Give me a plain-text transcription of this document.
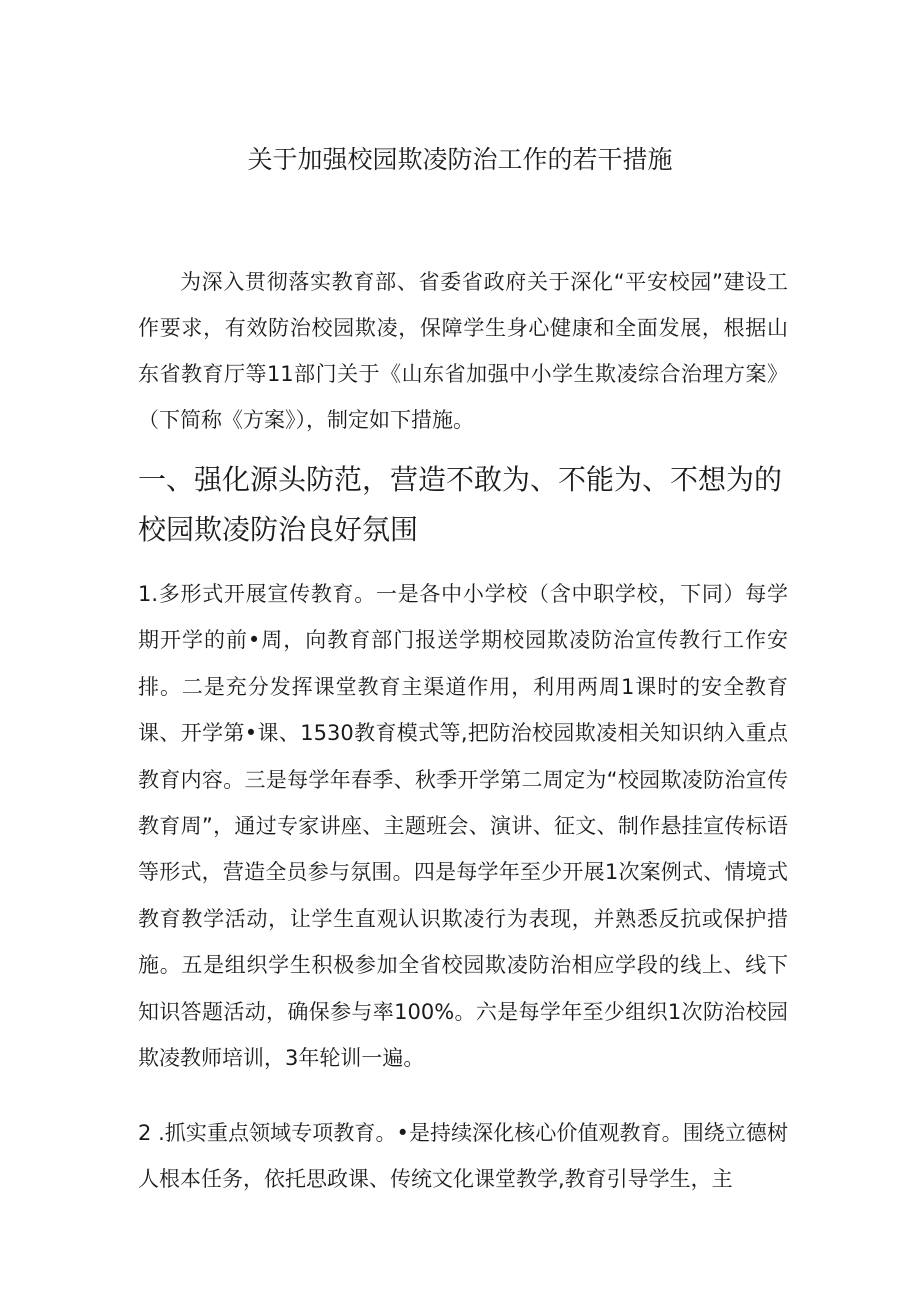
关于加强校园欺凌防治工作的若干措施

为深入贯彻落实教育部、省委省政府关于深化“平安校园”建设工作要求，有效防治校园欺凌，保障学生身心健康和全面发展，根据山东省教育厅等11部门关于《山东省加强中小学生欺凌综合治理方案》（下简称《方案》），制定如下措施。

一、强化源头防范，营造不敢为、不能为、不想为的校园欺凌防治良好氛围

1.多形式开展宣传教育。一是各中小学校（含中职学校，下同）每学期开学的前•周，向教育部门报送学期校园欺凌防治宣传教行工作安排。二是充分发挥课堂教育主渠道作用，利用两周1课时的安全教育课、开学第•课、1530教育模式等,把防治校园欺凌相关知识纳入重点教育内容。三是每学年春季、秋季开学第二周定为“校园欺凌防治宣传教育周”，通过专家讲座、主题班会、演讲、征文、制作悬挂宣传标语等形式，营造全员参与氛围。四是每学年至少开展1次案例式、情境式教育教学活动，让学生直观认识欺凌行为表现，并熟悉反抗或保护措施。五是组织学生积极参加全省校园欺凌防治相应学段的线上、线下知识答题活动，确保参与率100%。六是每学年至少组织1次防治校园欺凌教师培训，3年轮训一遍。

2 .抓实重点领域专项教育。•是持续深化核心价值观教育。围绕立德树人根本任务，依托思政课、传统文化课堂教学,教育引导学生，主
